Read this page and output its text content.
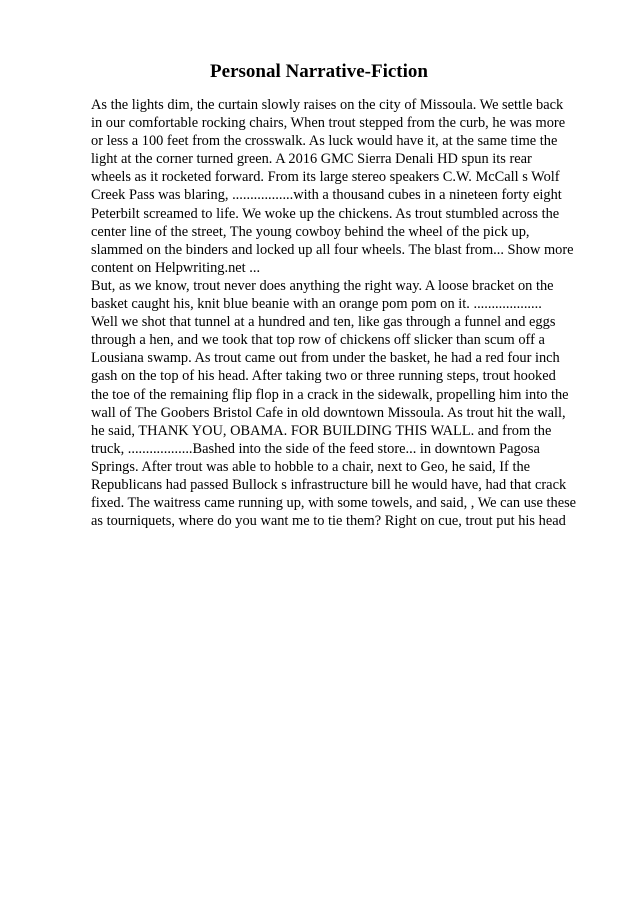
Personal Narrative-Fiction
As the lights dim, the curtain slowly raises on the city of Missoula. We settle back
in our comfortable rocking chairs, When trout stepped from the curb, he was more
or less a 100 feet from the crosswalk. As luck would have it, at the same time the
light at the corner turned green. A 2016 GMC Sierra Denali HD spun its rear
wheels as it rocketed forward. From its large stereo speakers C.W. McCall s Wolf
Creek Pass was blaring, .................with a thousand cubes in a nineteen forty eight
Peterbilt screamed to life. We woke up the chickens. As trout stumbled across the
center line of the street, The young cowboy behind the wheel of the pick up,
slammed on the binders and locked up all four wheels. The blast from... Show more
content on Helpwriting.net ...
But, as we know, trout never does anything the right way. A loose bracket on the
basket caught his, knit blue beanie with an orange pom pom on it. ...................
Well we shot that tunnel at a hundred and ten, like gas through a funnel and eggs
through a hen, and we took that top row of chickens off slicker than scum off a
Lousiana swamp. As trout came out from under the basket, he had a red four inch
gash on the top of his head. After taking two or three running steps, trout hooked
the toe of the remaining flip flop in a crack in the sidewalk, propelling him into the
wall of The Goobers Bristol Cafe in old downtown Missoula. As trout hit the wall,
he said, THANK YOU, OBAMA. FOR BUILDING THIS WALL. and from the
truck, ..................Bashed into the side of the feed store... in downtown Pagosa
Springs. After trout was able to hobble to a chair, next to Geo, he said, If the
Republicans had passed Bullock s infrastructure bill he would have, had that crack
fixed. The waitress came running up, with some towels, and said, , We can use these
as tourniquets, where do you want me to tie them? Right on cue, trout put his head
